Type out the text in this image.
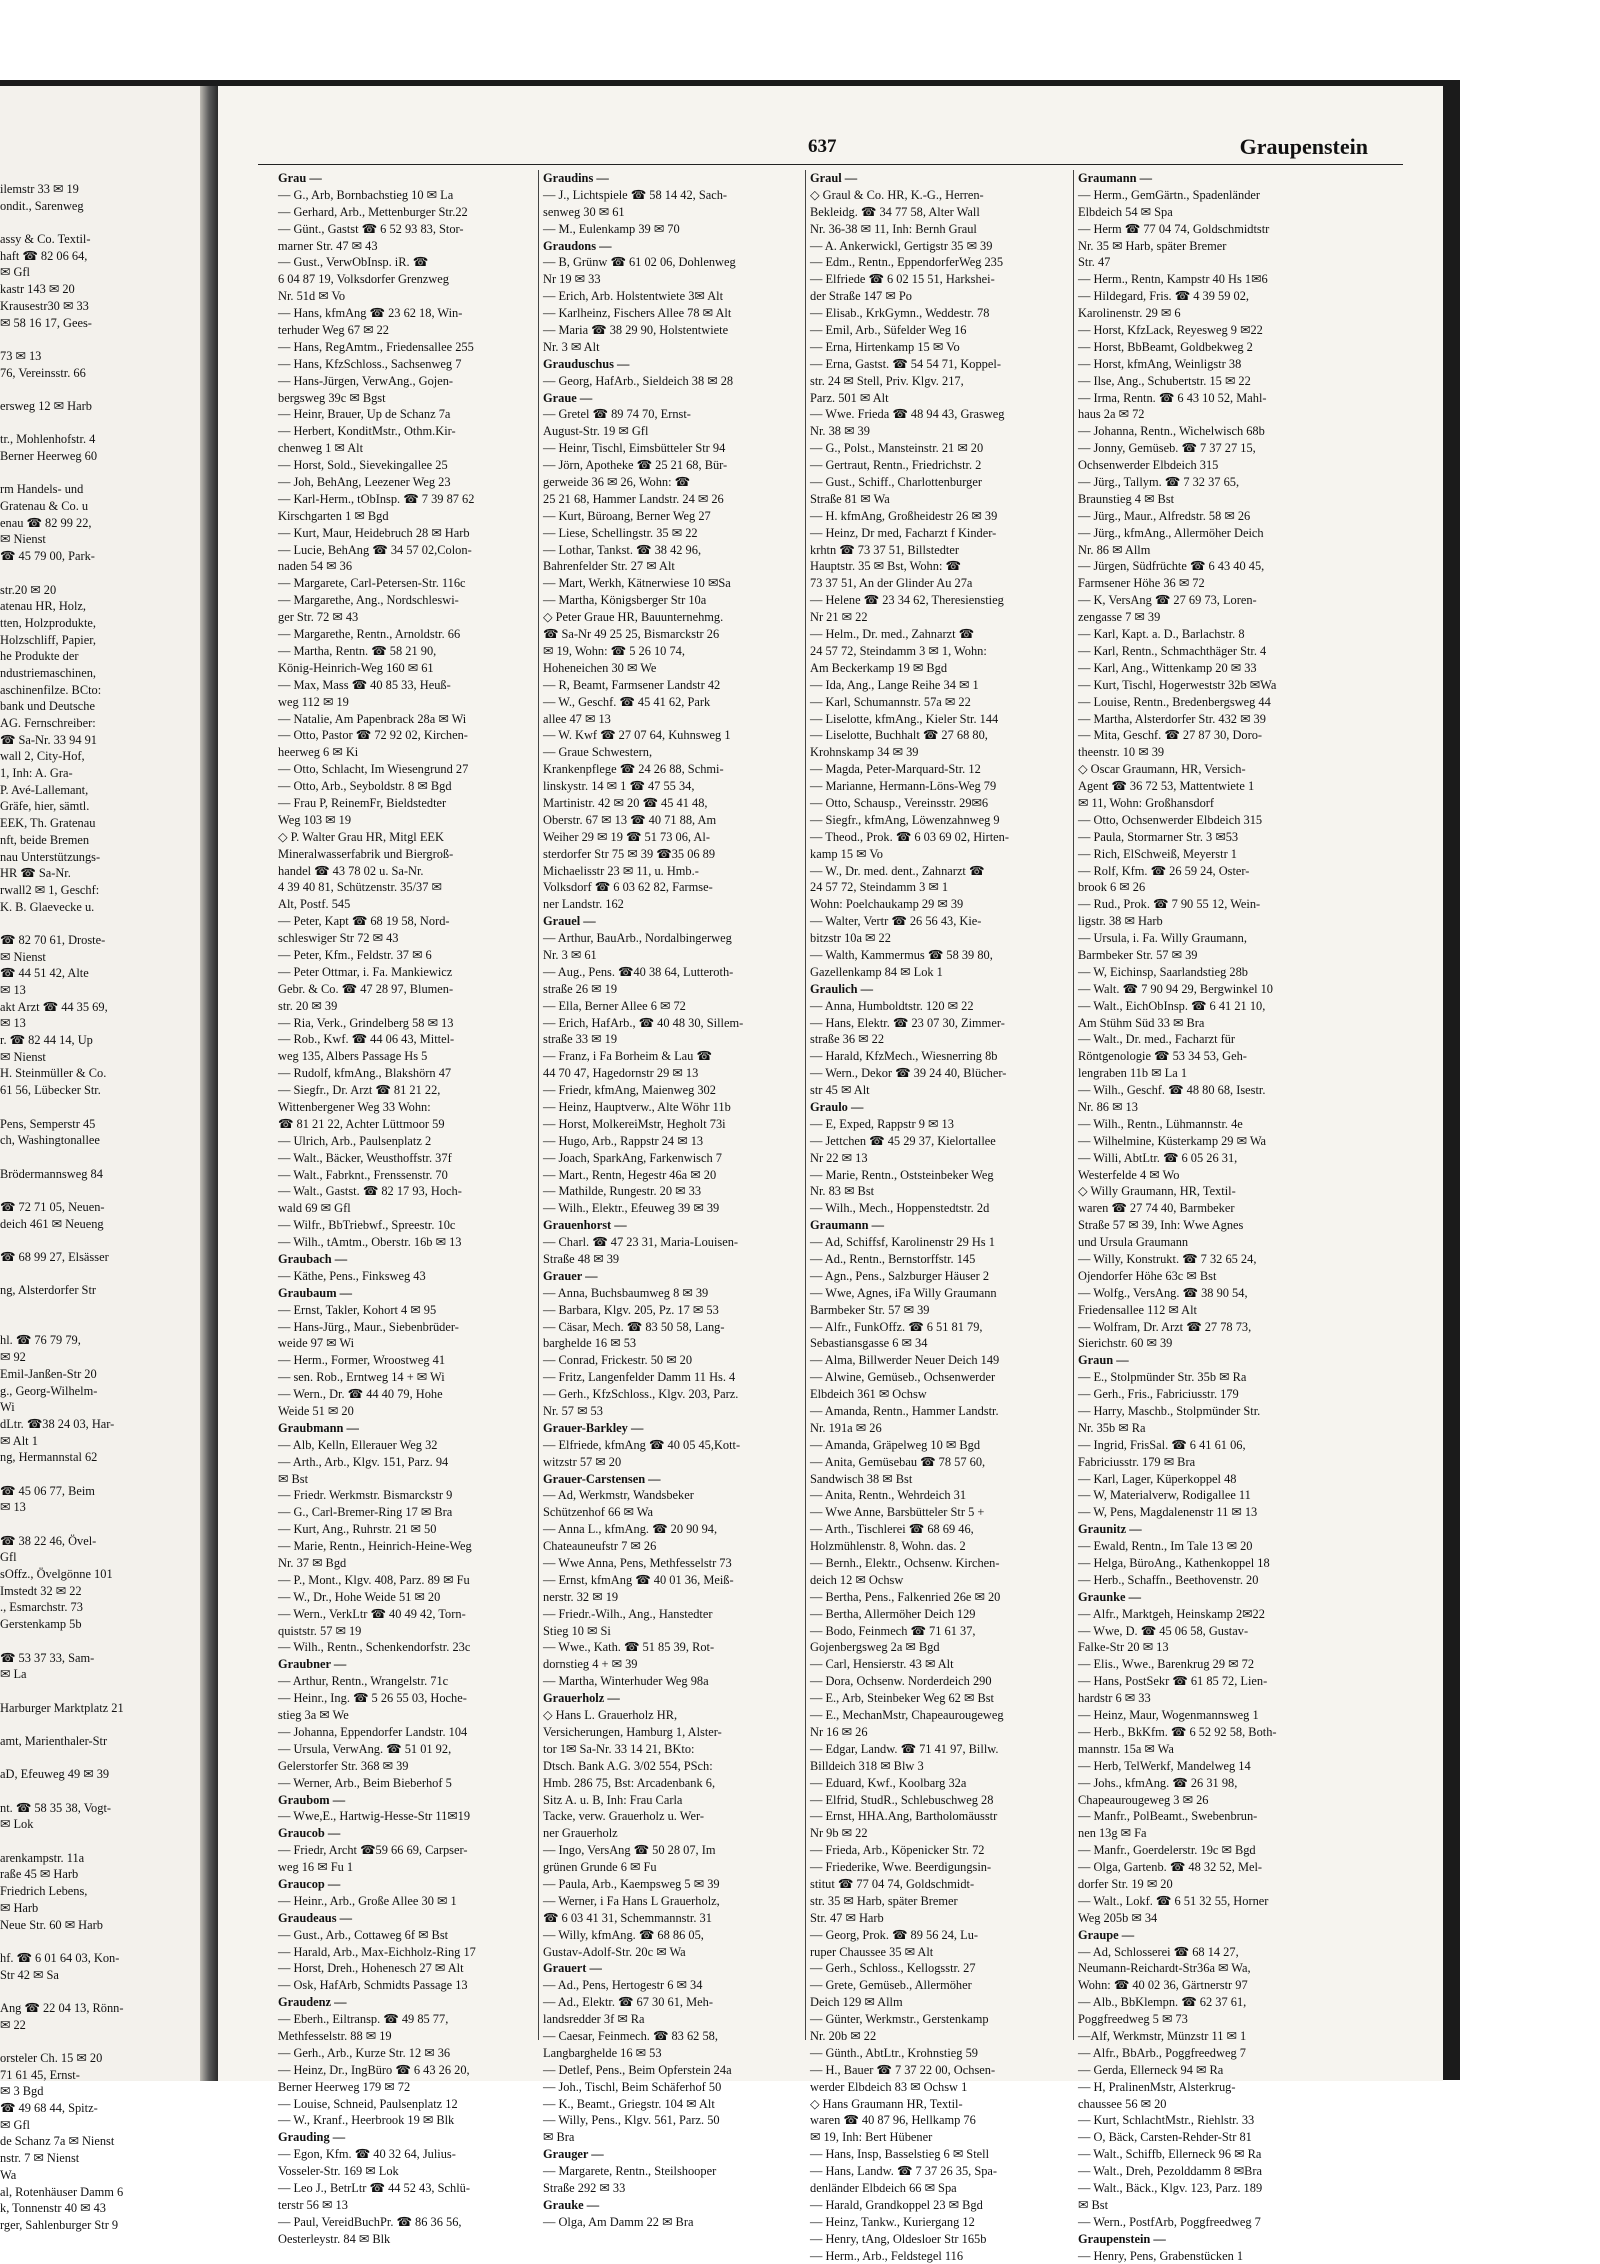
ilemstr 33 ✉ 19
ondit., Sarenweg
assy & Co. Textil-
haft ☎ 82 06 64,
✉ Gfl
kastr 143 ✉ 20
Krausestr30 ✉ 33
✉ 58 16 17, Gees-
73 ✉ 13
76, Vereinsstr. 66
ersweg 12 ✉ Harb
tr., Mohlenhofstr. 4
Berner Heerweg 60
rm Handels- und
Gratenau & Co. u
enau ☎ 82 99 22,
✉ Nienst
☎ 45 79 00, Park-
str.20 ✉ 20
atenau HR, Holz,
tten, Holzprodukte,
Holzschliff, Papier,
he Produkte der
ndustriemaschinen,
aschinenfilze. BCto:
bank und Deutsche
AG. Fernschreiber:
☎ Sa-Nr. 33 94 91
wall 2, City-Hof,
1, Inh: A. Gra-
P. Avé-Lallemant,
Gräfe, hier, sämtl.
EEK, Th. Gratenau
nft, beide Bremen
nau Unterstützungs-
HR ☎ Sa-Nr.
rwall2 ✉ 1, Geschf:
K. B. Glaevecke u.
☎ 82 70 61, Droste-
✉ Nienst
☎ 44 51 42, Alte
✉ 13
akt Arzt ☎ 44 35 69,
✉ 13
r. ☎ 82 44 14, Up
✉ Nienst
H. Steinmüller & Co.
61 56, Lübecker Str.
Pens, Semperstr 45
ch, Washingtonallee
Brödermannsweg 84
☎ 72 71 05, Neuen-
deich 461 ✉ Neueng
☎ 68 99 27, Elsässer
ng, Alsterdorfer Str
hl. ☎ 76 79 79,
✉ 92
Emil-Janßen-Str 20
g., Georg-Wilhelm-
Wi
dLtr. ☎38 24 03, Har-
✉ Alt 1
ng, Hermannstal 62
☎ 45 06 77, Beim
✉ 13
☎ 38 22 46, Övel-
Gfl
sOffz., Övelgönne 101
Imstedt 32 ✉ 22
., Esmarchstr. 73
Gerstenkamp 5b
☎ 53 37 33, Sam-
✉ La
Harburger Marktplatz 21
amt, Marienthaler-Str
aD, Efeuweg 49 ✉ 39
nt. ☎ 58 35 38, Vogt-
✉ Lok
arenkampstr. 11a
raße 45 ✉ Harb
Friedrich Lebens,
✉ Harb
Neue Str. 60 ✉ Harb
hf. ☎ 6 01 64 03, Kon-
Str 42 ✉ Sa
Ang ☎ 22 04 13, Rönn-
✉ 22
orsteler Ch. 15 ✉ 20
71 61 45, Ernst-
✉ 3 Bgd
☎ 49 68 44, Spitz-
✉ Gfl
de Schanz 7a ✉ Nienst
nstr. 7 ✉ Nienst
Wa
al, Rotenhäuser Damm 6
k, Tonnenstr 40 ✉ 43
rger, Sahlenburger Str 9
637	Graupenstein
Grau —
— G., Arb, Bornbachstieg 10 ✉ La
— Gerhard, Arb., Mettenburger Str.22
— Günt., Gastst ☎ 6 52 93 83, Stor-
marner Str. 47 ✉ 43
— Gust., VerwObInsp. iR. ☎
6 04 87 19, Volksdorfer Grenzweg
Nr. 51d ✉ Vo
— Hans, kfmAng ☎ 23 62 18, Win-
terhuder Weg 67 ✉ 22
— Hans, RegAmtm., Friedensallee 255
— Hans, KfzSchloss., Sachsenweg 7
— Hans-Jürgen, VerwAng., Gojen-
bergsweg 39c ✉ Bgst
— Heinr, Brauer, Up de Schanz 7a
— Herbert, KonditMstr., Othm.Kir-
chenweg 1 ✉ Alt
— Horst, Sold., Sievekingallee 25
— Joh, BehAng, Leezener Weg 23
— Karl-Herm., tObInsp. ☎ 7 39 87 62
Kirschgarten 1 ✉ Bgd
— Kurt, Maur, Heidebruch 28 ✉ Harb
— Lucie, BehAng ☎ 34 57 02,Colon-
naden 54 ✉ 36
— Margarete, Carl-Petersen-Str. 116c
— Margarethe, Ang., Nordschleswi-
ger Str. 72 ✉ 43
— Margarethe, Rentn., Arnoldstr. 66
— Martha, Rentn. ☎ 58 21 90,
König-Heinrich-Weg 160 ✉ 61
— Max, Mass ☎ 40 85 33, Heuß-
weg 112 ✉ 19
— Natalie, Am Papenbrack 28a ✉ Wi
— Otto, Pastor ☎ 72 92 02, Kirchen-
heerweg 6 ✉ Ki
— Otto, Schlacht, Im Wiesengrund 27
— Otto, Arb., Seyboldstr. 8 ✉ Bgd
— Frau P, ReinemFr, Bieldstedter
Weg 103 ✉ 19
◇ P. Walter Grau HR, Mitgl EEK
Mineralwasserfabrik und Biergroß-
handel ☎ 43 78 02 u. Sa-Nr.
4 39 40 81, Schützenstr. 35/37 ✉
Alt, Postf. 545
— Peter, Kapt ☎ 68 19 58, Nord-
schleswiger Str 72 ✉ 43
— Peter, Kfm., Feldstr. 37 ✉ 6
— Peter Ottmar, i. Fa. Mankiewicz
Gebr. & Co. ☎ 47 28 97, Blumen-
str. 20 ✉ 39
— Ria, Verk., Grindelberg 58 ✉ 13
— Rob., Kwf. ☎ 44 06 43, Mittel-
weg 135, Albers Passage Hs 5
— Rudolf, kfmAng., Blakshörn 47
— Siegfr., Dr. Arzt ☎ 81 21 22,
Wittenbergener Weg 33 Wohn:
☎ 81 21 22, Achter Lüttmoor 59
— Ulrich, Arb., Paulsenplatz 2
— Walt., Bäcker, Weusthoffstr. 37f
— Walt., Fabrknt., Frenssenstr. 70
— Walt., Gastst. ☎ 82 17 93, Hoch-
wald 69 ✉ Gfl
— Wilfr., BbTriebwf., Spreestr. 10c
— Wilh., tAmtm., Oberstr. 16b ✉ 13
Graubach —
— Käthe, Pens., Finksweg 43
Graubaum —
— Ernst, Takler, Kohort 4 ✉ 95
— Hans-Jürg., Maur., Siebenbrüder-
weide 97 ✉ Wi
— Herm., Former, Wroostweg 41
— sen. Rob., Erntweg 14 + ✉ Wi
— Wern., Dr. ☎ 44 40 79, Hohe
Weide 51 ✉ 20
Graubmann —
— Alb, Kelln, Ellerauer Weg 32
— Arth., Arb., Klgv. 151, Parz. 94
✉ Bst
— Friedr. Werkmstr. Bismarckstr 9
— G., Carl-Bremer-Ring 17 ✉ Bra
— Kurt, Ang., Ruhrstr. 21 ✉ 50
— Marie, Rentn., Heinrich-Heine-Weg
Nr. 37 ✉ Bgd
— P., Mont., Klgv. 408, Parz. 89 ✉ Fu
— W., Dr., Hohe Weide 51 ✉ 20
— Wern., VerkLtr ☎ 40 49 42, Torn-
quiststr. 57 ✉ 19
— Wilh., Rentn., Schenkendorfstr. 23c
Graubner —
— Arthur, Rentn., Wrangelstr. 71c
— Heinr., Ing. ☎ 5 26 55 03, Hoche-
stieg 3a ✉ We
— Johanna, Eppendorfer Landstr. 104
— Ursula, VerwAng. ☎ 51 01 92,
Gelerstorfer Str. 368 ✉ 39
— Werner, Arb., Beim Bieberhof 5
Graubom —
— Wwe,E., Hartwig-Hesse-Str 11✉19
Graucob —
— Friedr, Archt ☎59 66 69, Carpser-
weg 16 ✉ Fu 1
Graucop —
— Heinr., Arb., Große Allee 30 ✉ 1
Graudeaus —
— Gust., Arb., Cottaweg 6f ✉ Bst
— Harald, Arb., Max-Eichholz-Ring 17
— Horst, Dreh., Hohenesch 27 ✉ Alt
— Osk, HafArb, Schmidts Passage 13
Graudenz —
— Eberh., Eiltransp. ☎ 49 85 77,
Methfesselstr. 88 ✉ 19
— Gerh., Arb., Kurze Str. 12 ✉ 36
— Heinz, Dr., IngBüro ☎ 6 43 26 20,
Berner Heerweg 179 ✉ 72
— Louise, Schneid, Paulsenplatz 12
— W., Kranf., Heerbrook 19 ✉ Blk
Grauding —
— Egon, Kfm. ☎ 40 32 64, Julius-
Vosseler-Str. 169 ✉ Lok
— Leo J., BetrLtr ☎ 44 52 43, Schlü-
terstr 56 ✉ 13
— Paul, VereidBuchPr. ☎ 86 36 56,
Oesterleystr. 84 ✉ Blk
Graudins —
— J., Lichtspiele ☎ 58 14 42, Sach-
senweg 30 ✉ 61
— M., Eulenkamp 39 ✉ 70
Graudons —
— B, Grünw ☎ 61 02 06, Dohlenweg
Nr 19 ✉ 33
— Erich, Arb. Holstentwiete 3✉ Alt
— Karlheinz, Fischers Allee 78 ✉ Alt
— Maria ☎ 38 29 90, Holstentwiete
Nr. 3 ✉ Alt
Grauduschus —
— Georg, HafArb., Sieldeich 38 ✉ 28
Graue —
— Gretel ☎ 89 74 70, Ernst-
August-Str. 19 ✉ Gfl
— Heinr, Tischl, Eimsbütteler Str 94
— Jörn, Apotheke ☎ 25 21 68, Bür-
gerweide 36 ✉ 26, Wohn: ☎
25 21 68, Hammer Landstr. 24 ✉ 26
— Kurt, Büroang, Berner Weg 27
— Liese, Schellingstr. 35 ✉ 22
— Lothar, Tankst. ☎ 38 42 96,
Bahrenfelder Str. 27 ✉ Alt
— Mart, Werkh, Kätnerwiese 10 ✉Sa
— Martha, Königsberger Str 10a
◇ Peter Graue HR, Bauunternehmg.
☎ Sa-Nr 49 25 25, Bismarckstr 26
✉ 19, Wohn: ☎ 5 26 10 74,
Hoheneichen 30 ✉ We
— R, Beamt, Farmsener Landstr 42
— W., Geschf. ☎ 45 41 62, Park
allee 47 ✉ 13
— W. Kwf ☎ 27 07 64, Kuhnsweg 1
— Graue Schwestern,
Krankenpflege ☎ 24 26 88, Schmi-
linskystr. 14 ✉ 1 ☎ 47 55 34,
Martinistr. 42 ✉ 20 ☎ 45 41 48,
Oberstr. 67 ✉ 13 ☎ 40 71 88, Am
Weiher 29 ✉ 19 ☎ 51 73 06, Al-
sterdorfer Str 75 ✉ 39 ☎35 06 89
Michaelisstr 23 ✉ 11, u. Hmb.-
Volksdorf ☎ 6 03 62 82, Farmse-
ner Landstr. 162
Grauel —
— Arthur, BauArb., Nordalbingerweg
Nr. 3 ✉ 61
— Aug., Pens. ☎40 38 64, Lutteroth-
straße 26 ✉ 19
— Ella, Berner Allee 6 ✉ 72
— Erich, HafArb., ☎ 40 48 30, Sillem-
straße 33 ✉ 19
— Franz, i Fa Borheim & Lau ☎
44 70 47, Hagedornstr 29 ✉ 13
— Friedr, kfmAng, Maienweg 302
— Heinz, Hauptverw., Alte Wöhr 11b
— Horst, MolkereiMstr, Hegholt 73i
— Hugo, Arb., Rappstr 24 ✉ 13
— Joach, SparkAng, Farkenwisch 7
— Mart., Rentn, Hegestr 46a ✉ 20
— Mathilde, Rungestr. 20 ✉ 33
— Wilh., Elektr., Efeuweg 39 ✉ 39
Grauenhorst —
— Charl. ☎ 47 23 31, Maria-Louisen-
Straße 48 ✉ 39
Grauer —
— Anna, Buchsbaumweg 8 ✉ 39
— Barbara, Klgv. 205, Pz. 17 ✉ 53
— Cäsar, Mech. ☎ 83 50 58, Lang-
barghelde 16 ✉ 53
— Conrad, Frickestr. 50 ✉ 20
— Fritz, Langenfelder Damm 11 Hs. 4
— Gerh., KfzSchloss., Klgv. 203, Parz.
Nr. 57 ✉ 53
Grauer-Barkley —
— Elfriede, kfmAng ☎ 40 05 45,Kott-
witzstr 57 ✉ 20
Grauer-Carstensen —
— Ad, Werkmstr, Wandsbeker
Schützenhof 66 ✉ Wa
— Anna L., kfmAng. ☎ 20 90 94,
Chateaunеufstr 7 ✉ 26
— Wwe Anna, Pens, Methfesselstr 73
— Ernst, kfmAng ☎ 40 01 36, Meiß-
nerstr. 32 ✉ 19
— Friedr.-Wilh., Ang., Hanstedter
Stieg 10 ✉ Si
— Wwe., Kath. ☎ 51 85 39, Rot-
dornstieg 4 + ✉ 39
— Martha, Winterhuder Weg 98a
Grauerholz —
◇ Hans L. Grauerholz HR,
Versicherungen, Hamburg 1, Alster-
tor 1✉ Sa-Nr. 33 14 21, BKto:
Dtsch. Bank A.G. 3/02 554, PSch:
Hmb. 286 75, Bst: Arcadenbank 6,
Sitz A. u. B, Inh: Frau Carla
Tacke, verw. Grauerholz u. Wer-
ner Grauerholz
— Ingo, VersAng ☎ 50 28 07, Im
grünen Grunde 6 ✉ Fu
— Paula, Arb., Kaempsweg 5 ✉ 39
— Werner, i Fa Hans L Grauerholz,
☎ 6 03 41 31, Schemmannstr. 31
— Willy, kfmAng. ☎ 68 86 05,
Gustav-Adolf-Str. 20c ✉ Wa
Grauert —
— Ad., Pens, Hertogestr 6 ✉ 34
— Ad., Elektr. ☎ 67 30 61, Meh-
landsredder 3f ✉ Ra
— Caesar, Feinmech. ☎ 83 62 58,
Langbarghelde 16 ✉ 53
— Detlef, Pens., Beim Opferstein 24a
— Joh., Tischl, Beim Schäferhof 50
— K., Beamt., Griegstr. 104 ✉ Alt
— Willy, Pens., Klgv. 561, Parz. 50
✉ Bra
Grauger —
— Margarete, Rentn., Steilshooper
Straße 292 ✉ 33
Grauke —
— Olga, Am Damm 22 ✉ Bra
Graul —
◇ Graul & Co. HR, K.-G., Herren-
Bekleidg. ☎ 34 77 58, Alter Wall
Nr. 36-38 ✉ 11, Inh: Bernh Graul
— A. Ankerwickl, Gertigstr 35 ✉ 39
— Edm., Rentn., EppendorferWeg 235
— Elfriede ☎ 6 02 15 51, Harkshei-
der Straße 147 ✉ Po
— Elisab., KrkGymn., Weddestr. 78
— Emil, Arb., Süfelder Weg 16
— Erna, Hirtenkamp 15 ✉ Vo
— Erna, Gastst. ☎ 54 54 71, Koppel-
str. 24 ✉ Stell, Priv. Klgv. 217,
Parz. 501 ✉ Alt
— Wwe. Frieda ☎ 48 94 43, Grasweg
Nr. 38 ✉ 39
— G., Polst., Mansteinstr. 21 ✉ 20
— Gertraut, Rentn., Friedrichstr. 2
— Gust., Schiff., Charlottenburger
Straße 81 ✉ Wa
— H. kfmAng, Großheidestr 26 ✉ 39
— Heinz, Dr med, Facharzt f Kinder-
krhtn ☎ 73 37 51, Billstedter
Hauptstr. 35 ✉ Bst, Wohn: ☎
73 37 51, An der Glinder Au 27a
— Helene ☎ 23 34 62, Theresienstieg
Nr 21 ✉ 22
— Helm., Dr. med., Zahnarzt ☎
24 57 72, Steindamm 3 ✉ 1, Wohn:
Am Beckerkamp 19 ✉ Bgd
— Ida, Ang., Lange Reihe 34 ✉ 1
— Karl, Schumannstr. 57a ✉ 22
— Liselotte, kfmAng., Kieler Str. 144
— Liselotte, Buchhalt ☎ 27 68 80,
Krohnskamp 34 ✉ 39
— Magda, Peter-Marquard-Str. 12
— Marianne, Hermann-Löns-Weg 79
— Otto, Schausp., Vereinsstr. 29✉6
— Siegfr., kfmAng, Löwenzahnweg 9
— Theod., Prok. ☎ 6 03 69 02, Hirten-
kamp 15 ✉ Vo
— W., Dr. med. dent., Zahnarzt ☎
24 57 72, Steindamm 3 ✉ 1
Wohn: Poelchaukamp 29 ✉ 39
— Walter, Vertr ☎ 26 56 43, Kie-
bitzstr 10a ✉ 22
— Walth, Kammermus ☎ 58 39 80,
Gazellenkamp 84 ✉ Lok 1
Graulich —
— Anna, Humboldtstr. 120 ✉ 22
— Hans, Elektr. ☎ 23 07 30, Zimmer-
straße 36 ✉ 22
— Harald, KfzMech., Wiesnerring 8b
— Wern., Dekor ☎ 39 24 40, Blücher-
str 45 ✉ Alt
Graulo —
— E, Exped, Rappstr 9 ✉ 13
— Jettchen ☎ 45 29 37, Kielortallee
Nr 22 ✉ 13
— Marie, Rentn., Oststeinbeker Weg
Nr. 83 ✉ Bst
— Wilh., Mech., Hoppenstedtstr. 2d
Graumann —
— Ad, Schiffsf, Karolinenstr 29 Hs 1
— Ad., Rentn., Bernstorffstr. 145
— Agn., Pens., Salzburger Häuser 2
— Wwe, Agnes, iFa Willy Graumann
Barmbeker Str. 57 ✉ 39
— Alfr., FunkOffz. ☎ 6 51 81 79,
Sebastiansgasse 6 ✉ 34
— Alma, Billwerder Neuer Deich 149
— Alwine, Gemüseb., Ochsenwerder
Elbdeich 361 ✉ Ochsw
— Amanda, Rentn., Hammer Landstr.
Nr. 191a ✉ 26
— Amanda, Gräpelweg 10 ✉ Bgd
— Anita, Gemüsebau ☎ 78 57 60,
Sandwisch 38 ✉ Bst
— Anita, Rentn., Wehrdeich 31
— Wwe Anne, Barsbütteler Str 5 +
— Arth., Tischlerei ☎ 68 69 46,
Holzmühlenstr. 8, Wohn. das. 2
— Bernh., Elektr., Ochsenw. Kirchen-
deich 12 ✉ Ochsw
— Bertha, Pens., Falkenried 26e ✉ 20
— Bertha, Allermöher Deich 129
— Bodo, Feinmech ☎ 71 61 37,
Gojenbergsweg 2a ✉ Bgd
— Carl, Hensierstr. 43 ✉ Alt
— Dora, Ochsenw. Norderdeich 290
— E., Arb, Steinbeker Weg 62 ✉ Bst
— E., MechanMstr, Chapeaurougeweg
Nr 16 ✉ 26
— Edgar, Landw. ☎ 71 41 97, Billw.
Billdeich 318 ✉ Blw 3
— Eduard, Kwf., Koolbarg 32a
— Elfrid, StudR., Schlebuschweg 28
— Ernst, HHA.Ang, Bartholomäusstr
Nr 9b ✉ 22
— Frieda, Arb., Köpenicker Str. 72
— Friederike, Wwe. Beerdigungsin-
stitut ☎ 77 04 74, Goldschmidt-
str. 35 ✉ Harb, später Bremer
Str. 47 ✉ Harb
— Georg, Prok. ☎ 89 56 24, Lu-
ruper Chaussee 35 ✉ Alt
— Gerh., Schloss., Kellogsstr. 27
— Grete, Gemüseb., Allermöher
Deich 129 ✉ Allm
— Günter, Werkmstr., Gerstenkamp
Nr. 20b ✉ 22
— Günth., AbtLtr., Krohnstieg 59
— H., Bauer ☎ 7 37 22 00, Ochsen-
werder Elbdeich 83 ✉ Ochsw 1
◇ Hans Graumann HR, Textil-
waren ☎ 40 87 96, Hellkamp 76
✉ 19, Inh: Bert Hübener
— Hans, Insp, Basselstieg 6 ✉ Stell
— Hans, Landw. ☎ 7 37 26 35, Spa-
denländer Elbdeich 66 ✉ Spa
— Harald, Grandkoppel 23 ✉ Bgd
— Heinz, Tankw., Kuriergang 12
— Henry, tAng, Oldesloer Str 165b
— Herm., Arb., Feldstegel 116
Graumann —
— Herm., GemGärtn., Spadenländer
Elbdeich 54 ✉ Spa
— Herm ☎ 77 04 74, Goldschmidtstr
Nr. 35 ✉ Harb, später Bremer
Str. 47
— Herm., Rentn, Kampstr 40 Hs 1✉6
— Hildegard, Fris. ☎ 4 39 59 02,
Karolinenstr. 29 ✉ 6
— Horst, KfzLack, Reyesweg 9 ✉22
— Horst, BbBeamt, Goldbekweg 2
— Horst, kfmAng, Weinligstr 38
— Ilse, Ang., Schubertstr. 15 ✉ 22
— Irma, Rentn. ☎ 6 43 10 52, Mahl-
haus 2a ✉ 72
— Johanna, Rentn., Wichelwisch 68b
— Jonny, Gemüseb. ☎ 7 37 27 15,
Ochsenwerder Elbdeich 315
— Jürg., Tallym. ☎ 7 32 37 65,
Braunstieg 4 ✉ Bst
— Jürg., Maur., Alfredstr. 58 ✉ 26
— Jürg., kfmAng., Allermöher Deich
Nr. 86 ✉ Allm
— Jürgen, Südfrüchte ☎ 6 43 40 45,
Farmsener Höhe 36 ✉ 72
— K, VersAng ☎ 27 69 73, Loren-
zengasse 7 ✉ 39
— Karl, Kapt. a. D., Barlachstr. 8
— Karl, Rentn., Schmachthäger Str. 4
— Karl, Ang., Wittenkamp 20 ✉ 33
— Kurt, Tischl, Hogerweststr 32b ✉Wa
— Louise, Rentn., Bredenbergsweg 44
— Martha, Alsterdorfer Str. 432 ✉ 39
— Mita, Geschf. ☎ 27 87 30, Doro-
theenstr. 10 ✉ 39
◇ Oscar Graumann, HR, Versich-
Agent ☎ 36 72 53, Mattentwiete 1
✉ 11, Wohn: Großhansdorf
— Otto, Ochsenwerder Elbdeich 315
— Paula, Stormarner Str. 3 ✉53
— Rich, ElSchweiß, Meyerstr 1
— Rolf, Kfm. ☎ 26 59 24, Oster-
brook 6 ✉ 26
— Rud., Prok. ☎ 7 90 55 12, Wein-
ligstr. 38 ✉ Harb
— Ursula, i. Fa. Willy Graumann,
Barmbeker Str. 57 ✉ 39
— W, Eichinsp, Saarlandstieg 28b
— Walt. ☎ 7 90 94 29, Bergwinkel 10
— Walt., EichObInsp. ☎ 6 41 21 10,
Am Stühm Süd 33 ✉ Bra
— Walt., Dr. med., Facharzt für
Röntgenologie ☎ 53 34 53, Geh-
lengraben 11b ✉ La 1
— Wilh., Geschf. ☎ 48 80 68, Isestr.
Nr. 86 ✉ 13
— Wilh., Rentn., Lühmannstr. 4e
— Wilhelmine, Küsterkamp 29 ✉ Wa
— Willi, AbtLtr. ☎ 6 05 26 31,
Westerfelde 4 ✉ Wo
◇ Willy Graumann, HR, Textil-
waren ☎ 27 74 40, Barmbeker
Straße 57 ✉ 39, Inh: Wwe Agnes
und Ursula Graumann
— Willy, Konstrukt. ☎ 7 32 65 24,
Ojendorfer Höhe 63c ✉ Bst
— Wolfg., VersAng. ☎ 38 90 54,
Friedensallee 112 ✉ Alt
— Wolfram, Dr. Arzt ☎ 27 78 73,
Sierichstr. 60 ✉ 39
Graun —
— E., Stolpmünder Str. 35b ✉ Ra
— Gerh., Fris., Fabriciusstr. 179
— Harry, Maschb., Stolpmünder Str.
Nr. 35b ✉ Ra
— Ingrid, FrisSal. ☎ 6 41 61 06,
Fabriciusstr. 179 ✉ Bra
— Karl, Lager, Küperkoppel 48
— W, Materialverw, Rodigallee 11
— W, Pens, Magdalenenstr 11 ✉ 13
Graunitz —
— Ewald, Rentn., Im Tale 13 ✉ 20
— Helga, BüroAng., Kathenkoppel 18
— Herb., Schaffn., Beethovenstr. 20
Graunke —
— Alfr., Marktgeh, Heinskamp 2✉22
— Wwe, D. ☎ 45 06 58, Gustav-
Falke-Str 20 ✉ 13
— Elis., Wwe., Barenkrug 29 ✉ 72
— Hans, PostSekr ☎ 61 85 72, Lien-
hardstr 6 ✉ 33
— Heinz, Maur, Wogenmannsweg 1
— Herb., BkKfm. ☎ 6 52 92 58, Both-
mannstr. 15a ✉ Wa
— Herb, TelWerkf, Mandelweg 14
— Johs., kfmAng. ☎ 26 31 98,
Chapeaurougeweg 3 ✉ 26
— Manfr., PolBeamt., Swebenbrun-
nen 13g ✉ Fa
— Manfr., Goerdelerstr. 19c ✉ Bgd
— Olga, Gartenb. ☎ 48 32 52, Mel-
dorfer Str. 19 ✉ 20
— Walt., Lokf. ☎ 6 51 32 55, Horner
Weg 205b ✉ 34
Graupe —
— Ad, Schlosserei ☎ 68 14 27,
Neumann-Reichardt-Str36a ✉ Wa,
Wohn: ☎ 40 02 36, Gärtnerstr 97
— Alb., BbKlempn. ☎ 62 37 61,
Poggfreedweg 5 ✉ 73
—Alf, Werkmstr, Münzstr 11 ✉ 1
— Alfr., BbArb., Poggfreedweg 7
— Gerda, Ellerneck 94 ✉ Ra
— H, PralinenMstr, Alsterkrug-
chaussee 56 ✉ 20
— Kurt, SchlachtMstr., Riehlstr. 33
— O, Bäck, Carsten-Rehder-Str 81
— Walt., Schiffb, Ellerneck 96 ✉ Ra
— Walt., Dreh, Pezolddamm 8 ✉Bra
— Walt., Bäck., Klgv. 123, Parz. 189
✉ Bst
— Wern., PostfArb, Poggfreedweg 7
Graupenstein —
— Henry, Pens, Grabenstücken 1
